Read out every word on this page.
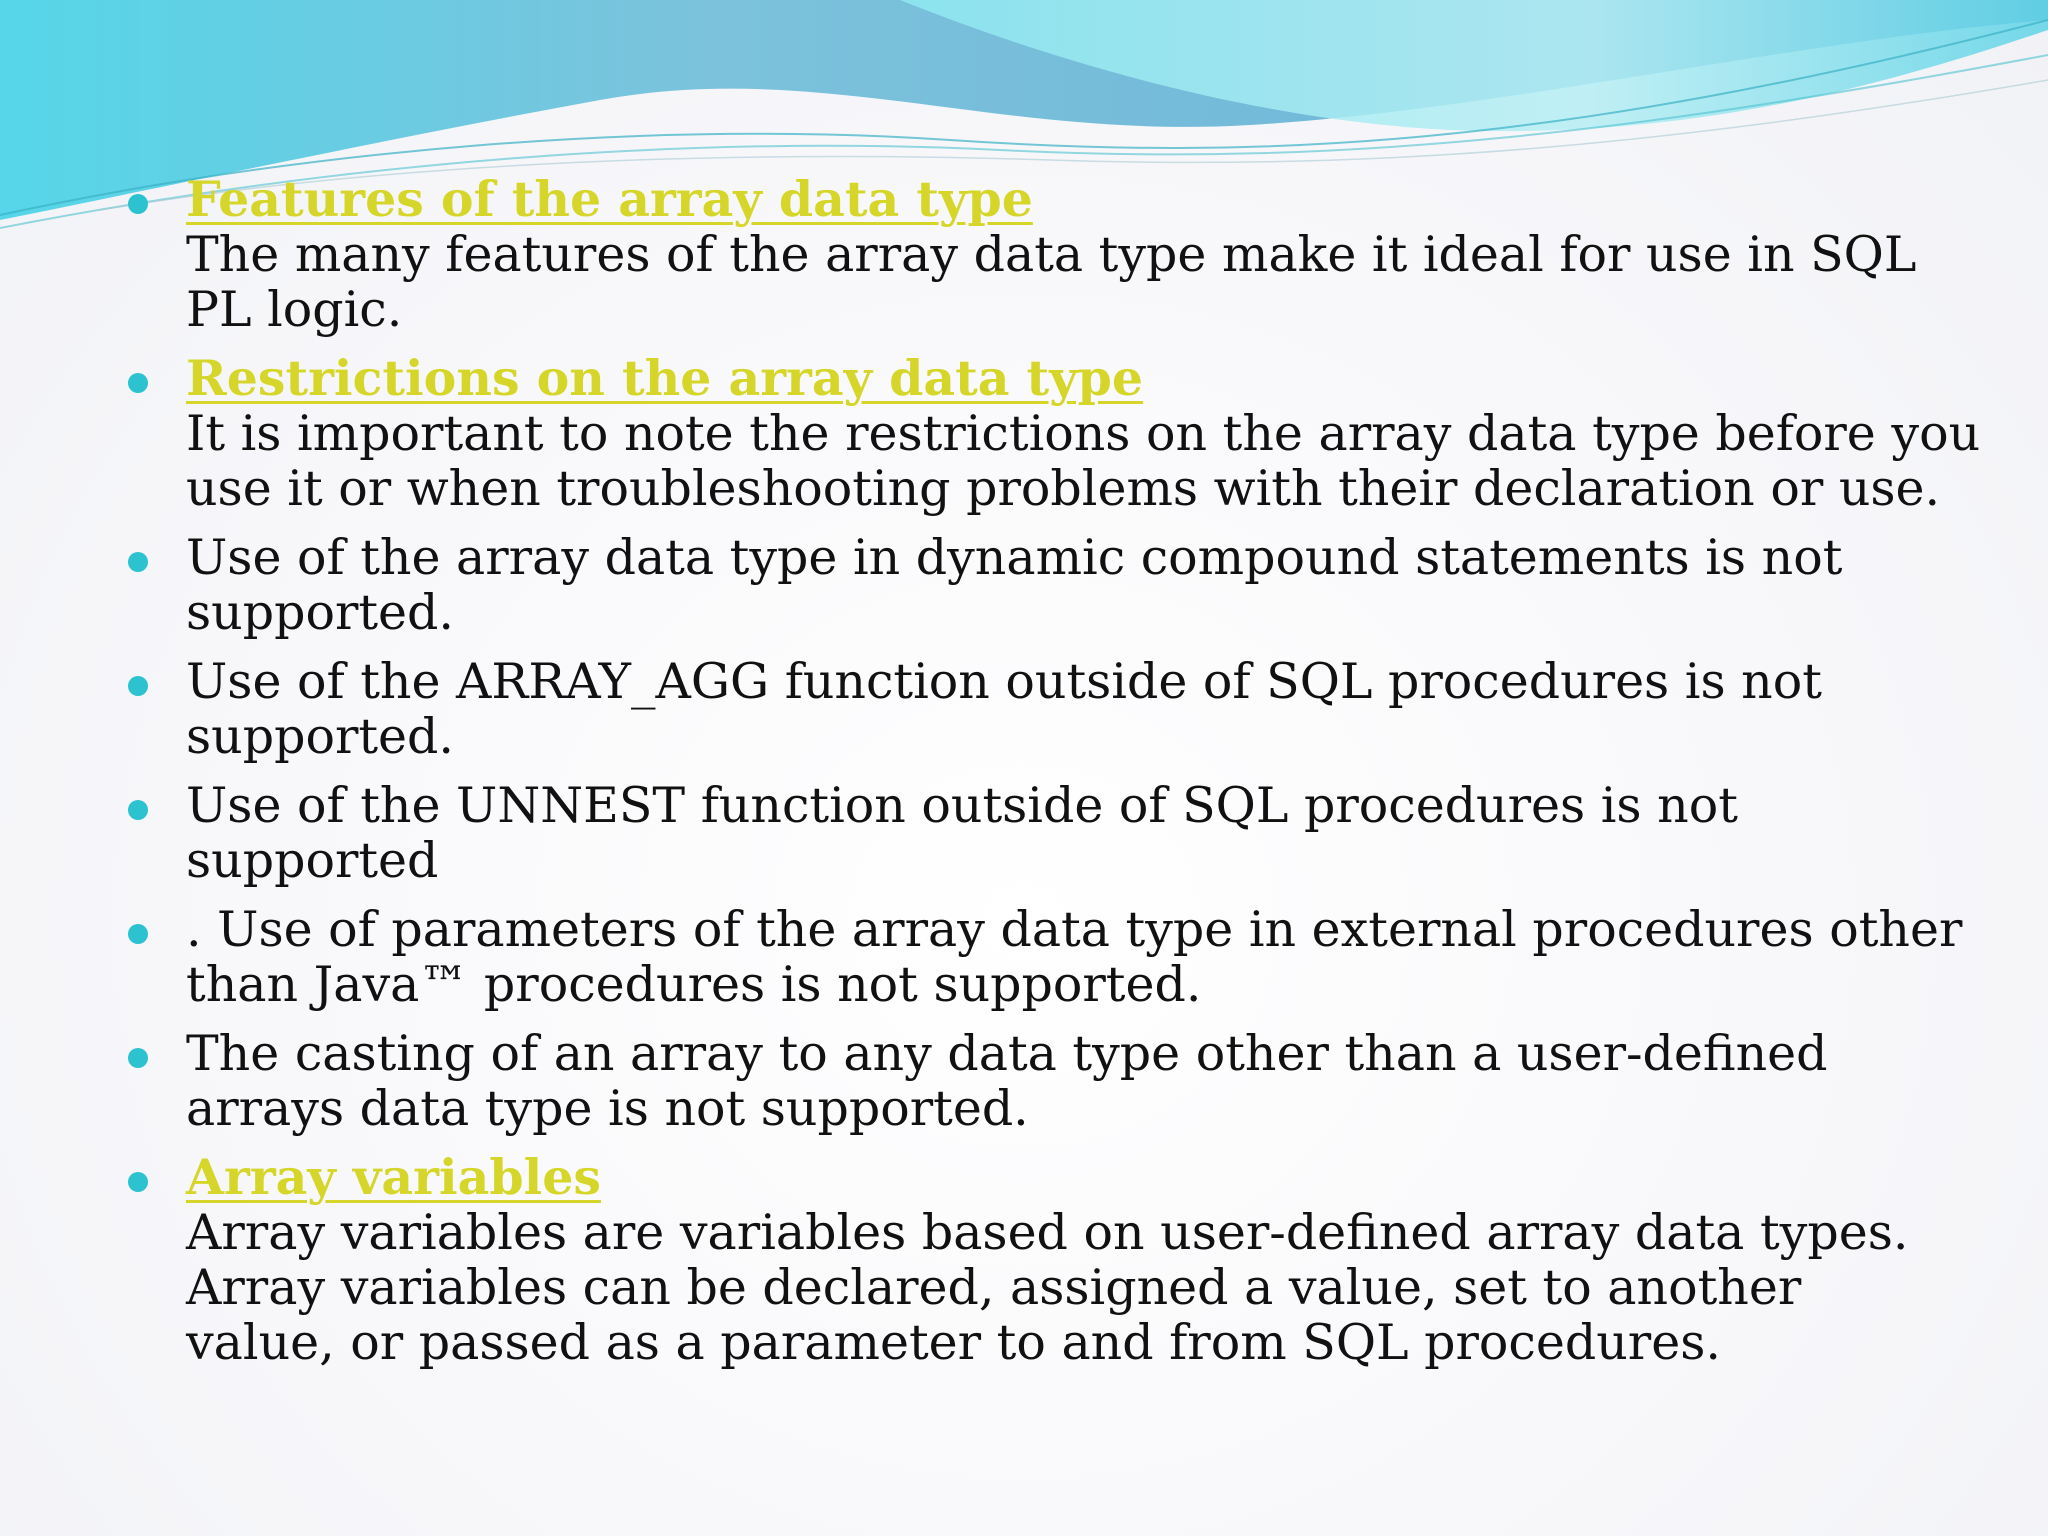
Features of the array data type
The many features of the array data type make it ideal for use in SQL
PL logic.
Restrictions on the array data type
It is important to note the restrictions on the array data type before you
use it or when troubleshooting problems with their declaration or use.
Use of the array data type in dynamic compound statements is not
supported.
Use of the ARRAY_AGG function outside of SQL procedures is not
supported.
Use of the UNNEST function outside of SQL procedures is not
supported
. Use of parameters of the array data type in external procedures other
than Java™ procedures is not supported.
The casting of an array to any data type other than a user-defined
arrays data type is not supported.
Array variables
Array variables are variables based on user-defined array data types.
Array variables can be declared, assigned a value, set to another
value, or passed as a parameter to and from SQL procedures.
